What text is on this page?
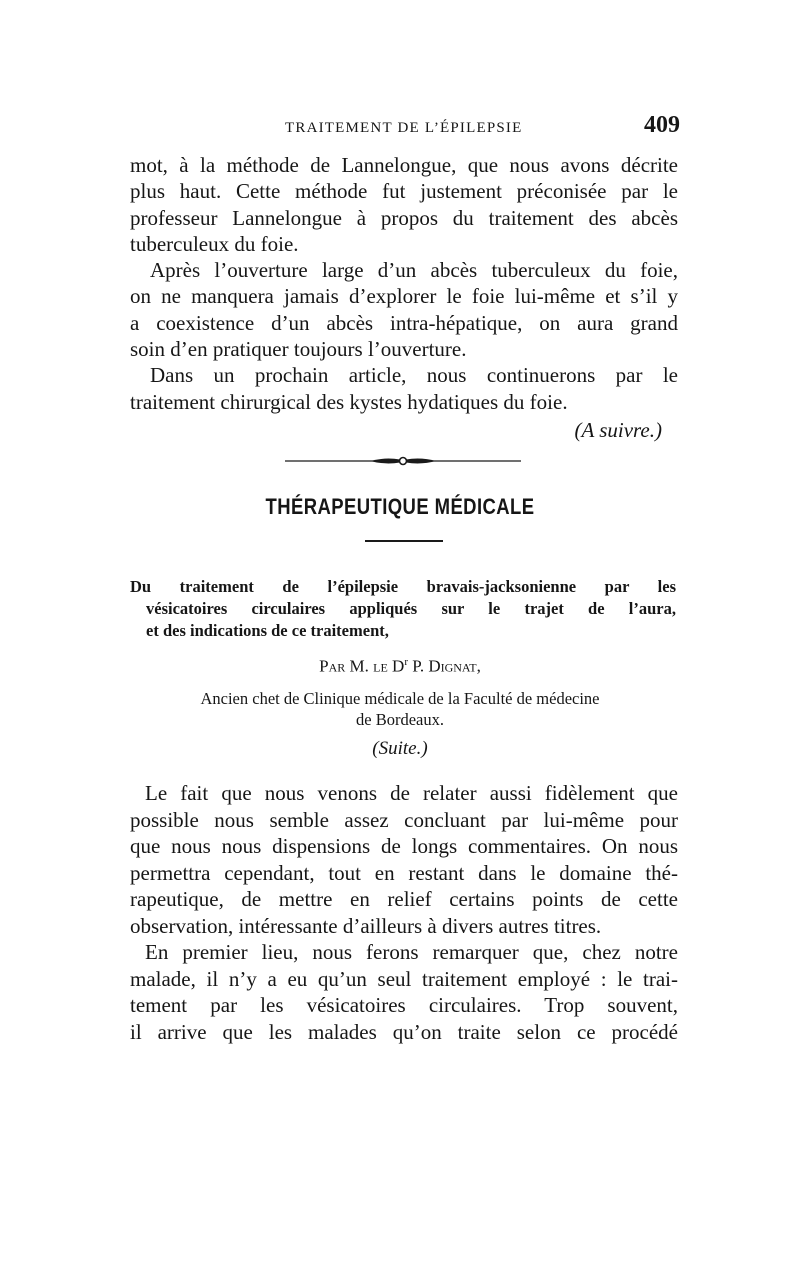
TRAITEMENT DE L’ÉPILEPSIE	409
mot, à la méthode de Lannelongue, que nous avons décrite
plus haut. Cette méthode fut justement préconisée par le
professeur Lannelongue à propos du traitement des abcès
tuberculeux du foie.
Après l’ouverture large d’un abcès tuberculeux du foie,
on ne manquera jamais d’explorer le foie lui-même et s’il y
a coexistence d’un abcès intra-hépatique, on aura grand
soin d’en pratiquer toujours l’ouverture.
Dans un prochain article, nous continuerons par le
traitement chirurgical des kystes hydatiques du foie.
(A suivre.)
THÉRAPEUTIQUE MÉDICALE
Du traitement de l’épilepsie bravais-jacksonienne par les
vésicatoires circulaires appliqués sur le trajet de l’aura,
et des indications de ce traitement,
Par M. le $D^r$ P. Dignat,
Ancien chet de Clinique médicale de la Faculté de médecine
de Bordeaux.
(Suite.)
Le fait que nous venons de relater aussi fidèlement que
possible nous semble assez concluant par lui-même pour
que nous nous dispensions de longs commentaires. On nous
permettra cependant, tout en restant dans le domaine thé-
rapeutique, de mettre en relief certains points de cette
observation, intéressante d’ailleurs à divers autres titres.
En premier lieu, nous ferons remarquer que, chez notre
malade, il n’y a eu qu’un seul traitement employé : le trai-
tement par les vésicatoires circulaires. Trop souvent,
il arrive que les malades qu’on traite selon ce procédé
